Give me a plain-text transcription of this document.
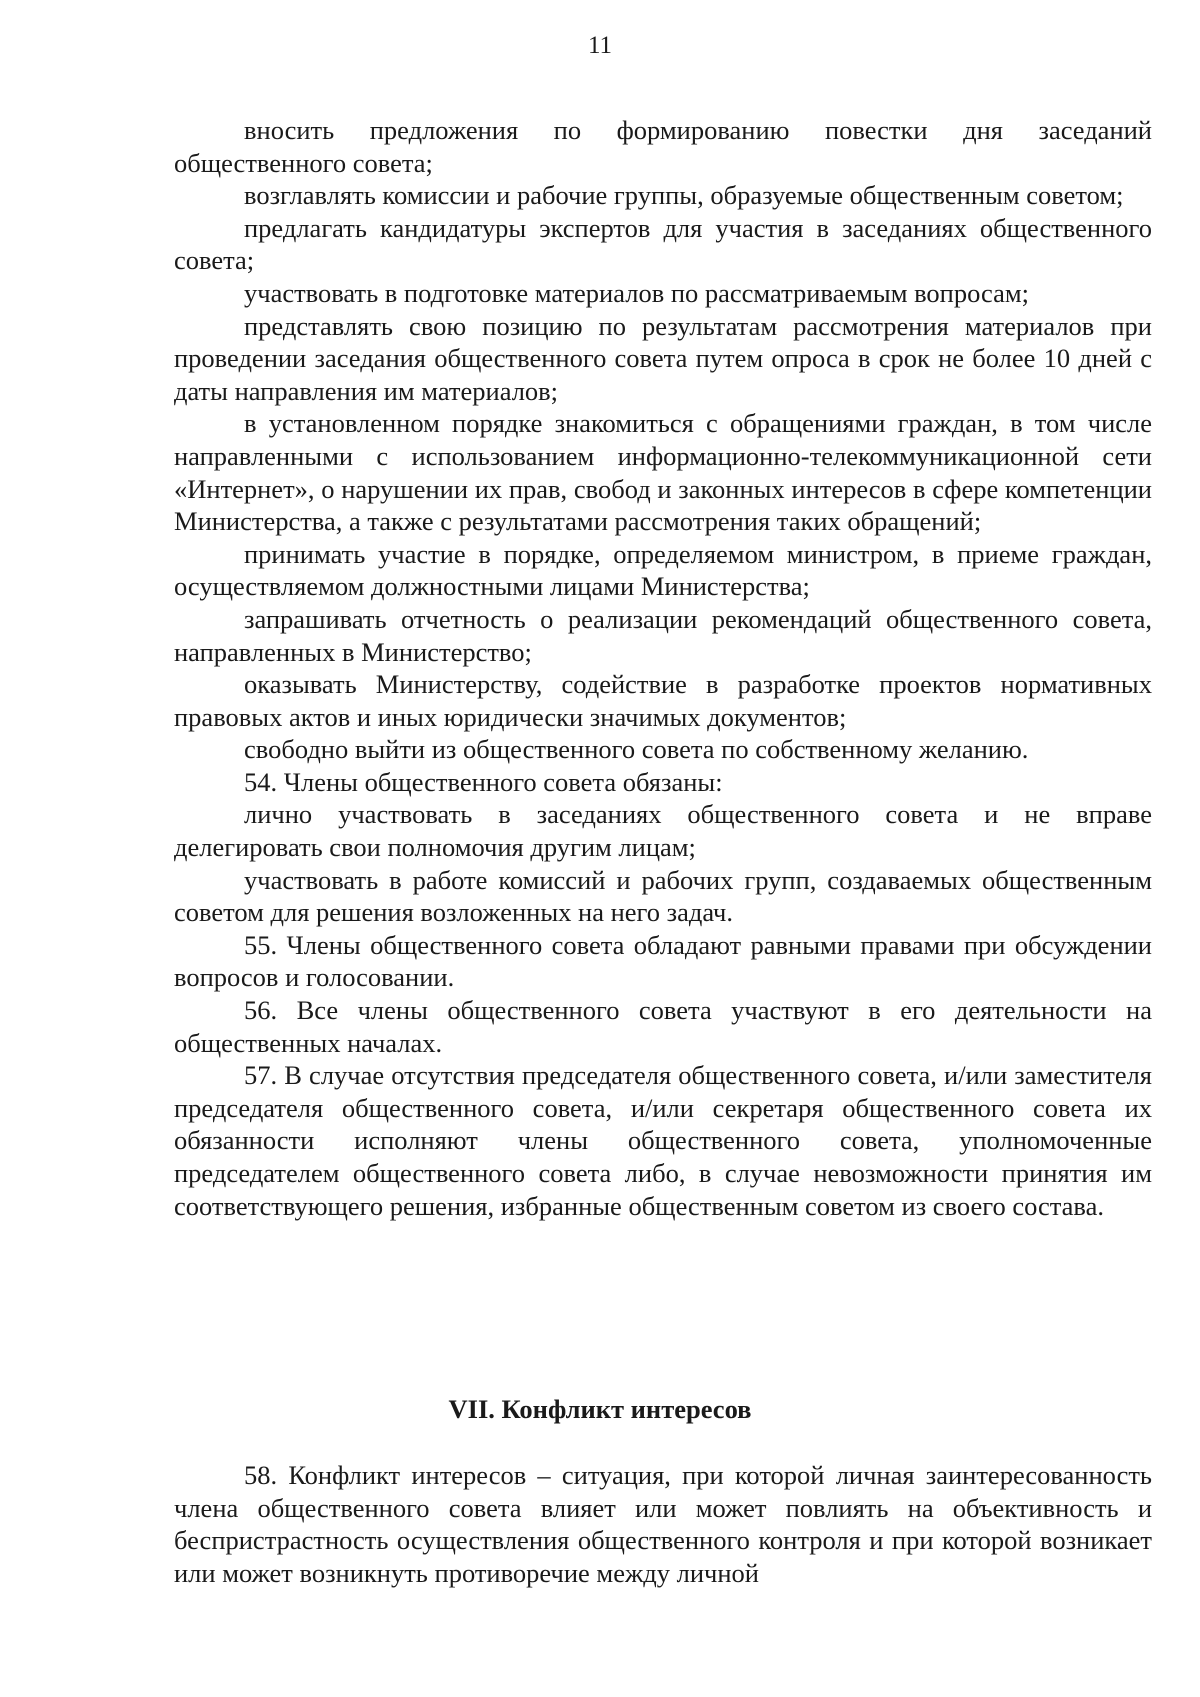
11

вносить предложения по формированию повестки дня заседаний общественного совета;

возглавлять комиссии и рабочие группы, образуемые общественным советом;

предлагать кандидатуры экспертов для участия в заседаниях общественного совета;

участвовать в подготовке материалов по рассматриваемым вопросам;

представлять свою позицию по результатам рассмотрения материалов при проведении заседания общественного совета путем опроса в срок не более 10 дней с даты направления им материалов;

в установленном порядке знакомиться с обращениями граждан, в том числе направленными с использованием информационно-телекоммуникационной сети «Интернет», о нарушении их прав, свобод и законных интересов в сфере компетенции Министерства, а также с результатами рассмотрения таких обращений;

принимать участие в порядке, определяемом министром, в приеме граждан, осуществляемом должностными лицами Министерства;

запрашивать отчетность о реализации рекомендаций общественного совета, направленных в Министерство;

оказывать Министерству, содействие в разработке проектов нормативных правовых актов и иных юридически значимых документов;

свободно выйти из общественного совета по собственному желанию.

54. Члены общественного совета обязаны:

лично участвовать в заседаниях общественного совета и не вправе делегировать свои полномочия другим лицам;

участвовать в работе комиссий и рабочих групп, создаваемых общественным советом для решения возложенных на него задач.

55. Члены общественного совета обладают равными правами при обсуждении вопросов и голосовании.

56. Все члены общественного совета участвуют в его деятельности на общественных началах.

57. В случае отсутствия председателя общественного совета, и/или заместителя председателя общественного совета, и/или секретаря общественного совета их обязанности исполняют члены общественного совета, уполномоченные председателем общественного совета либо, в случае невозможности принятия им соответствующего решения, избранные общественным советом из своего состава.

VII. Конфликт интересов

58. Конфликт интересов – ситуация, при которой личная заинтересованность члена общественного совета влияет или может повлиять на объективность и беспристрастность осуществления общественного контроля и при которой возникает или может возникнуть противоречие между личной
